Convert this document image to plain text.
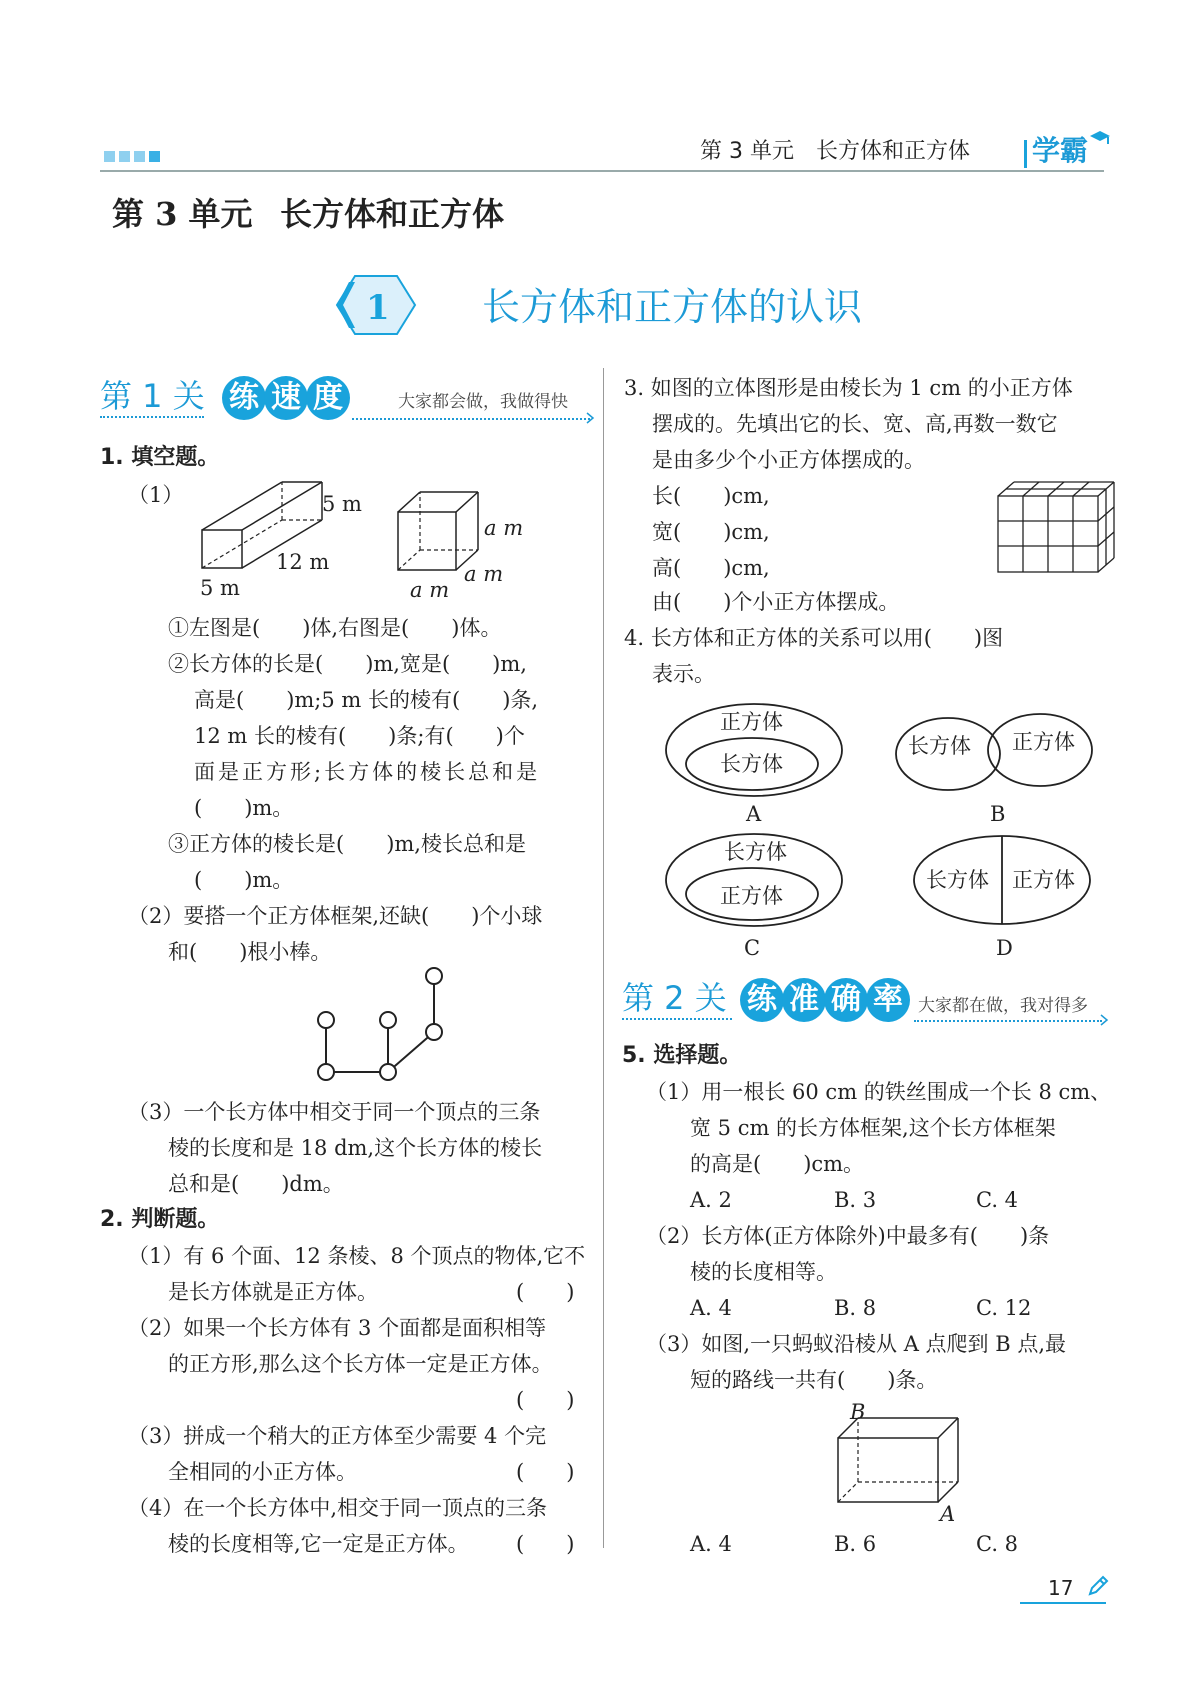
第 3 单元　长方体和正方体 学霸
第 3 单元 长方体和正方体
1 长方体和正方体的认识
第 1 关 练 速 度	大家都会做，我做得快
1. 填空题。
（1）	5 m
12 m
5 m
a m
a m
a m
①左图是(　　)体,右图是(　　)体。
②长方体的长是(　　)m,宽是(　　)m,
高是(　　)m;5 m 长的棱有(　　)条,
12 m 长的棱有(　　)条;有(　　)个
面是正方形;长方体的棱长总和是
(　　)m。
③正方体的棱长是(　　)m,棱长总和是
(　　)m。
（2）要搭一个正方体框架,还缺(　　)个小球
和(　　)根小棒。
（3）一个长方体中相交于同一个顶点的三条
棱的长度和是 18 dm,这个长方体的棱长
总和是(　　)dm。
2. 判断题。
（1）有 6 个面、12 条棱、8 个顶点的物体,它不
是长方体就是正方体。	(　　)
（2）如果一个长方体有 3 个面都是面积相等
的正方形,那么这个长方体一定是正方体。
(　　)
（3）拼成一个稍大的正方体至少需要 4 个完
全相同的小正方体。	(　　)
（4）在一个长方体中,相交于同一顶点的三条
棱的长度相等,它一定是正方体。 (　　)
3. 如图的立体图形是由棱长为 1 cm 的小正方体
摆成的。先填出它的长、宽、高,再数一数它
是由多少个小正方体摆成的。
长(　　)cm,
宽(　　)cm,
高(　　)cm,
由(　　)个小正方体摆成。
4. 长方体和正方体的关系可以用(　　)图
表示。
正方体
长方体
A
长方体 正方体
B
长方体
正方体
C
长方体 正方体
D
第 2 关 练 准 确 率 大家都在做，我对得多
5. 选择题。
（1）用一根长 60 cm 的铁丝围成一个长 8 cm、
宽 5 cm 的长方体框架,这个长方体框架
的高是(　　)cm。
A. 2	B. 3	C. 4
（2）长方体(正方体除外)中最多有(　　)条
棱的长度相等。
A. 4	B. 8	C. 12
（3）如图,一只蚂蚁沿棱从 A 点爬到 B 点,最
短的路线一共有(　　)条。
B
A
A. 4	B. 6	C. 8
17
